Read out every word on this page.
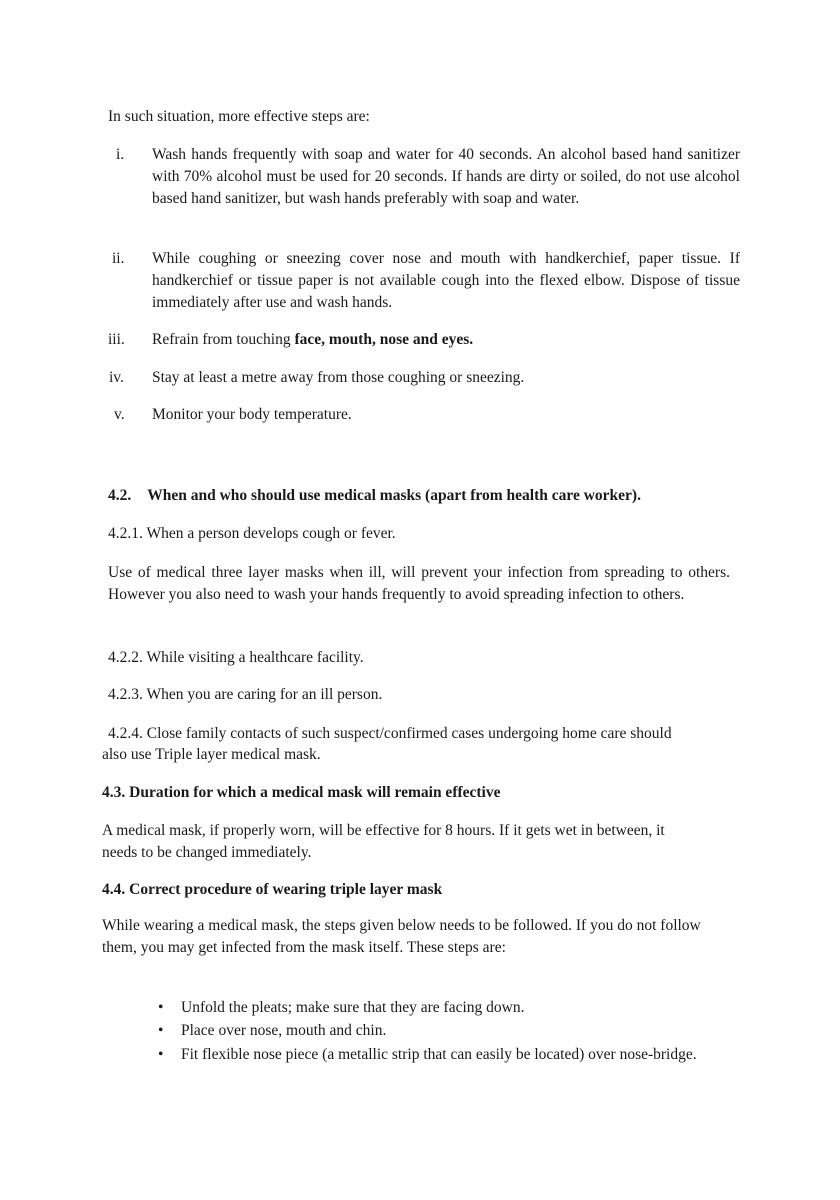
In such situation, more effective steps are:

i.	Wash hands frequently with soap and water for 40 seconds. An alcohol based hand sanitizer with 70% alcohol must be used for 20 seconds. If hands are dirty or soiled, do not use alcohol based hand sanitizer, but wash hands preferably with soap and water.
ii.	While coughing or sneezing cover nose and mouth with handkerchief, paper tissue. If handkerchief or tissue paper is not available cough into the flexed elbow. Dispose of tissue immediately after use and wash hands.
iii.	Refrain from touching face, mouth, nose and eyes.
iv.	Stay at least a metre away from those coughing or sneezing.
v.	Monitor your body temperature.
4.2. When and who should use medical masks (apart from health care worker).

4.2.1. When a person develops cough or fever.

Use of medical three layer masks when ill, will prevent your infection from spreading to others. However you also need to wash your hands frequently to avoid spreading infection to others.

4.2.2. While visiting a healthcare facility.

4.2.3. When you are caring for an ill person.

4.2.4. Close family contacts of such suspect/confirmed cases undergoing home care should

also use Triple layer medical mask.

4.3. Duration for which a medical mask will remain effective

A medical mask, if properly worn, will be effective for 8 hours. If it gets wet in between, it

needs to be changed immediately.

4.4. Correct procedure of wearing triple layer mask

While wearing a medical mask, the steps given below needs to be followed. If you do not follow

them, you may get infected from the mask itself. These steps are:

• Unfold the pleats; make sure that they are facing down.
• Place over nose, mouth and chin.
• Fit flexible nose piece (a metallic strip that can easily be located) over nose-bridge.
